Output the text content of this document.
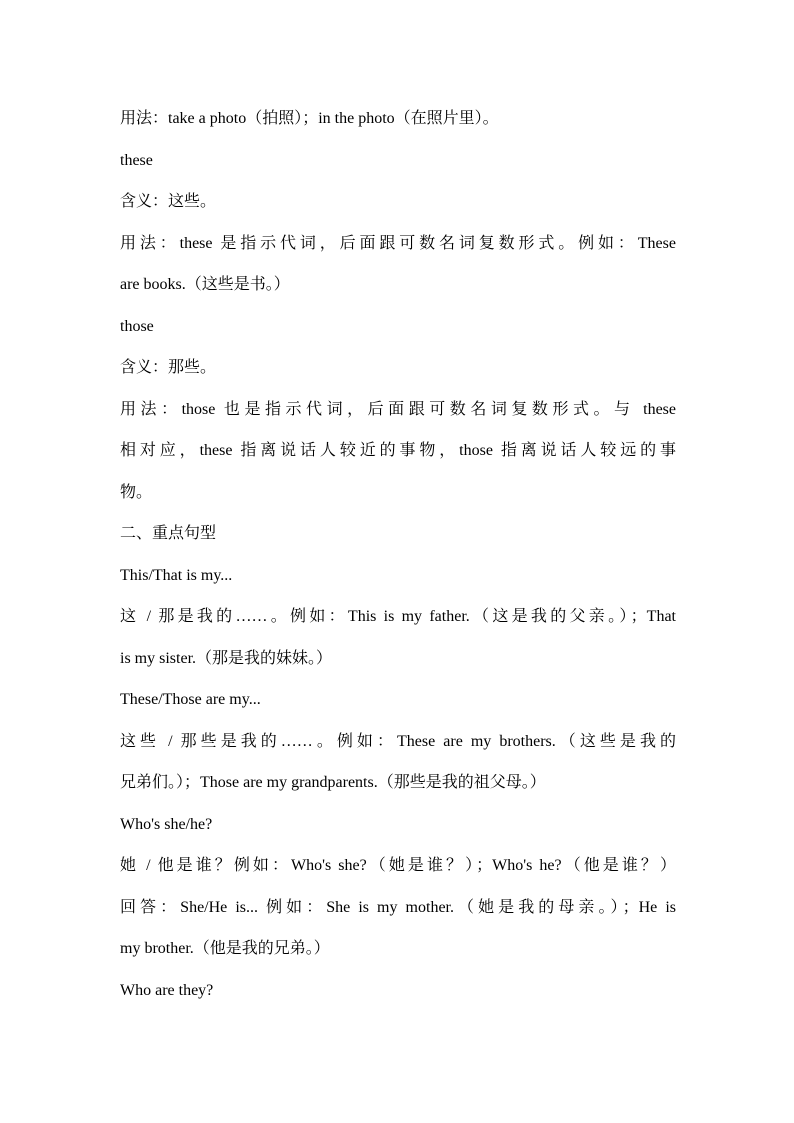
用法：take a photo（拍照）；in the photo（在照片里）。
these
含义：这些。
用法：these 是指示代词，后面跟可数名词复数形式。例如：These
are books.（这些是书。）
those
含义：那些。
用法：those 也是指示代词，后面跟可数名词复数形式。与 these
相对应，these 指离说话人较近的事物，those 指离说话人较远的事
物。
二、重点句型
This/That is my...
这 / 那是我的……。例如：This is my father.（这是我的父亲。）；That
is my sister.（那是我的妹妹。）
These/Those are my...
这些 / 那些是我的……。例如：These are my brothers.（这些是我的
兄弟们。）；Those are my grandparents.（那些是我的祖父母。）
Who's she/he?
她 / 他是谁？例如：Who's she?（她是谁？）；Who's he?（他是谁？）
回答：She/He is... 例如：She is my mother.（她是我的母亲。）；He is
my brother.（他是我的兄弟。）
Who are they?
